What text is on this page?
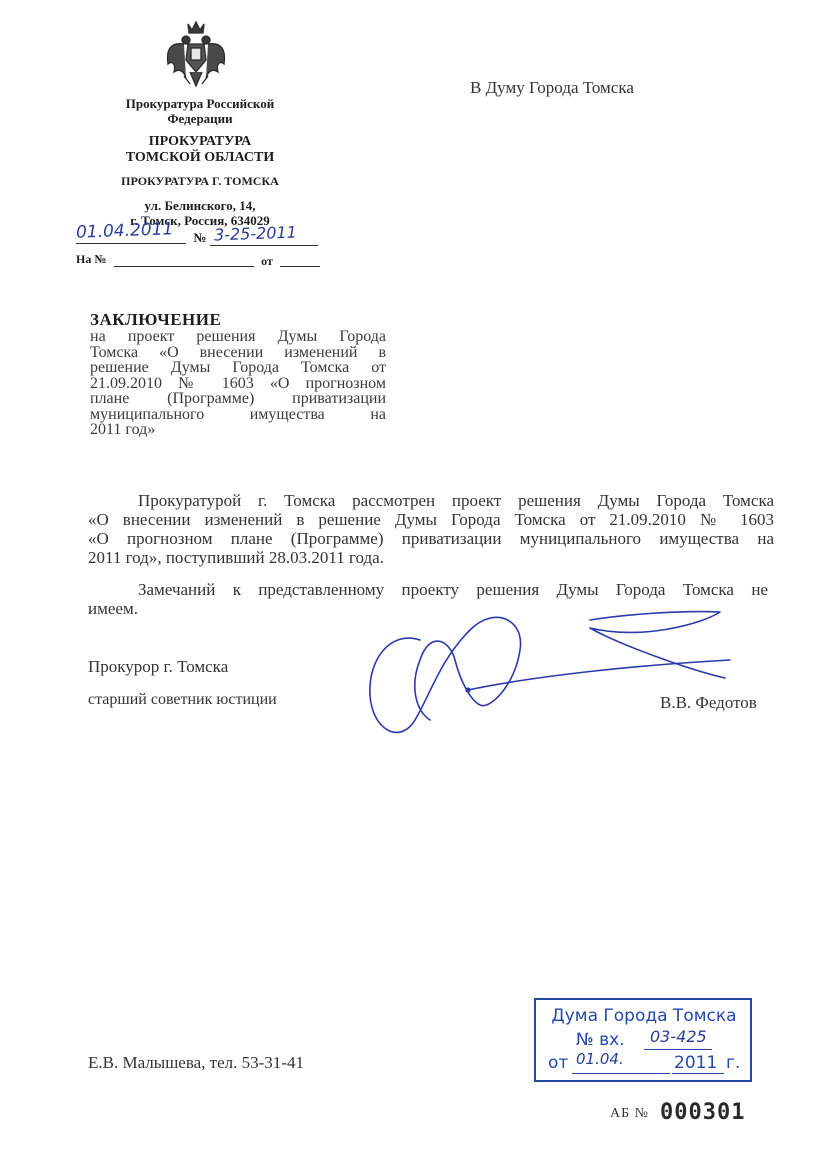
Прокуратура Российской
Федерации
ПРОКУРАТУРА
ТОМСКОЙ ОБЛАСТИ
ПРОКУРАТУРА Г. ТОМСКА
ул. Белинского, 14,
г. Томск, Россия, 634029
01.04.2011 № 3-25-2011
На №	от
В Думу Города Томска
ЗАКЛЮЧЕНИЕ
на проект решения Думы Города
Томска «О внесении изменений в
решение Думы Города Томска от
21.09.2010 № 1603 «О прогнозном
плане (Программе) приватизации
муниципального имущества на
2011 год»
Прокуратурой г. Томска рассмотрен проект решения Думы Города Томска
«О внесении изменений в решение Думы Города Томска от 21.09.2010 № 1603
«О прогнозном плане (Программе) приватизации муниципального имущества на
2011 год», поступивший 28.03.2011 года.
Замечаний к представленному проекту решения Думы Города Томска не
имеем.
Прокурор г. Томска
старший советник юстиции	В.В. Федотов
Е.В. Малышева, тел. 53-31-41
Дума Города Томска
№ вх. 03-425
от 01.04.	2011 г.
АБ № 000301
